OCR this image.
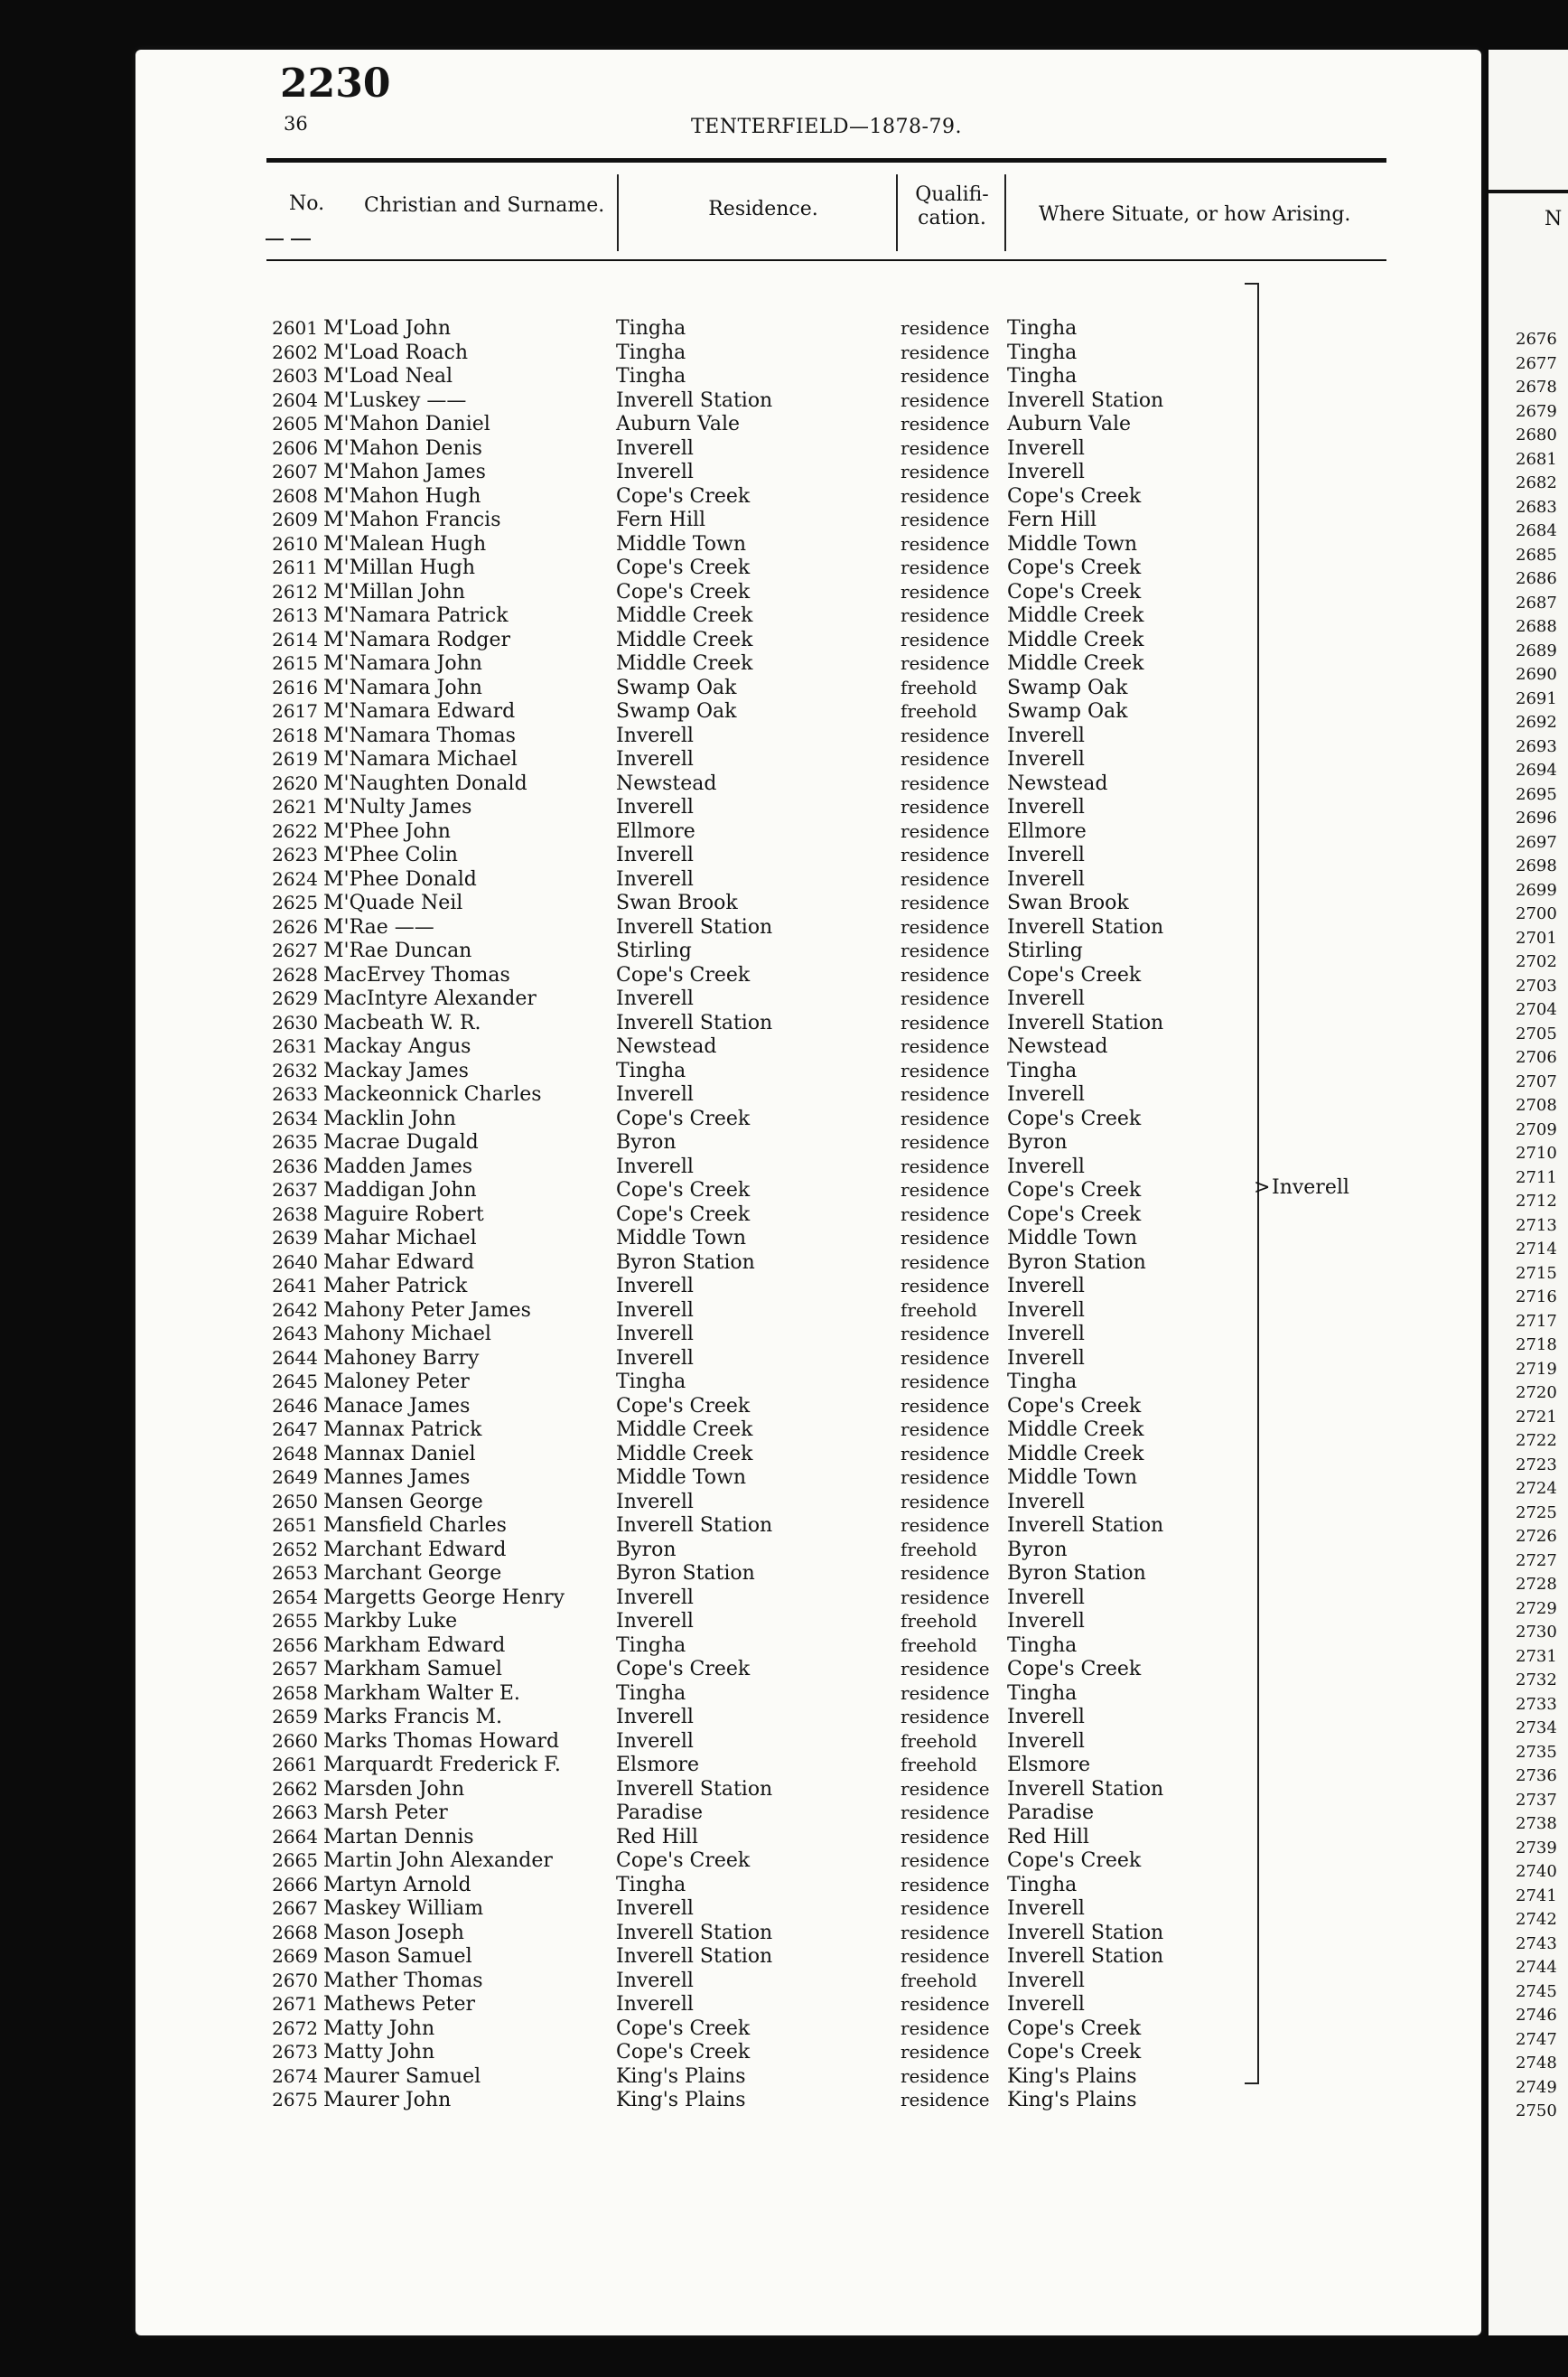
2230
36	TENTERFIELD—1878-79.
No. Christian and Surname.	Residence.
Qualifi-
cation.	Where Situate, or how Arising.
2601 M'Load John	Tingha	residence Tingha
2602 M'Load Roach	Tingha	residence Tingha
2603 M'Load Neal	Tingha	residence Tingha
2604 M'Luskey ——	Inverell Station	residence Inverell Station
2605 M'Mahon Daniel	Auburn Vale	residence Auburn Vale
2606 M'Mahon Denis	Inverell	residence Inverell
2607 M'Mahon James	Inverell	residence Inverell
2608 M'Mahon Hugh	Cope's Creek	residence Cope's Creek
2609 M'Mahon Francis	Fern Hill	residence Fern Hill
2610 M'Malean Hugh	Middle Town	residence Middle Town
2611 M'Millan Hugh	Cope's Creek	residence Cope's Creek
2612 M'Millan John	Cope's Creek	residence Cope's Creek
2613 M'Namara Patrick	Middle Creek	residence Middle Creek
2614 M'Namara Rodger	Middle Creek	residence Middle Creek
2615 M'Namara John	Middle Creek	residence Middle Creek
2616 M'Namara John	Swamp Oak	freehold Swamp Oak
2617 M'Namara Edward	Swamp Oak	freehold Swamp Oak
2618 M'Namara Thomas	Inverell	residence Inverell
2619 M'Namara Michael	Inverell	residence Inverell
2620 M'Naughten Donald	Newstead	residence Newstead
2621 M'Nulty James	Inverell	residence Inverell
2622 M'Phee John	Ellmore	residence Ellmore
2623 M'Phee Colin	Inverell	residence Inverell
2624 M'Phee Donald	Inverell	residence Inverell
2625 M'Quade Neil	Swan Brook	residence Swan Brook
2626 M'Rae ——	Inverell Station	residence Inverell Station
2627 M'Rae Duncan	Stirling	residence Stirling
2628 MacErvey Thomas	Cope's Creek	residence Cope's Creek
2629 MacIntyre Alexander	Inverell	residence Inverell
2630 Macbeath W. R.	Inverell Station	residence Inverell Station
2631 Mackay Angus	Newstead	residence Newstead
2632 Mackay James	Tingha	residence Tingha
2633 Mackeonnick Charles	Inverell	residence Inverell
2634 Macklin John	Cope's Creek	residence Cope's Creek
2635 Macrae Dugald	Byron	residence Byron
2636 Madden James	Inverell	residence Inverell
2637 Maddigan John	Cope's Creek	residence Cope's Creek
2638 Maguire Robert	Cope's Creek	residence Cope's Creek
2639 Mahar Michael	Middle Town	residence Middle Town
2640 Mahar Edward	Byron Station	residence Byron Station
2641 Maher Patrick	Inverell	residence Inverell
2642 Mahony Peter James	Inverell	freehold Inverell
2643 Mahony Michael	Inverell	residence Inverell
2644 Mahoney Barry	Inverell	residence Inverell
2645 Maloney Peter	Tingha	residence Tingha
2646 Manace James	Cope's Creek	residence Cope's Creek
2647 Mannax Patrick	Middle Creek	residence Middle Creek
2648 Mannax Daniel	Middle Creek	residence Middle Creek
2649 Mannes James	Middle Town	residence Middle Town
2650 Mansen George	Inverell	residence Inverell
2651 Mansfield Charles	Inverell Station	residence Inverell Station
2652 Marchant Edward	Byron	freehold Byron
2653 Marchant George	Byron Station	residence Byron Station
2654 Margetts George Henry	Inverell	residence Inverell
2655 Markby Luke	Inverell	freehold Inverell
2656 Markham Edward	Tingha	freehold Tingha
2657 Markham Samuel	Cope's Creek	residence Cope's Creek
2658 Markham Walter E.	Tingha	residence Tingha
2659 Marks Francis M.	Inverell	residence Inverell
2660 Marks Thomas Howard	Inverell	freehold Inverell
2661 Marquardt Frederick F.	Elsmore	freehold Elsmore
2662 Marsden John	Inverell Station	residence Inverell Station
2663 Marsh Peter	Paradise	residence Paradise
2664 Martan Dennis	Red Hill	residence Red Hill
2665 Martin John Alexander	Cope's Creek	residence Cope's Creek
2666 Martyn Arnold	Tingha	residence Tingha
2667 Maskey William	Inverell	residence Inverell
2668 Mason Joseph	Inverell Station	residence Inverell Station
2669 Mason Samuel	Inverell Station	residence Inverell Station
2670 Mather Thomas	Inverell	freehold Inverell
2671 Mathews Peter	Inverell	residence Inverell
2672 Matty John	Cope's Creek	residence Cope's Creek
2673 Matty John	Cope's Creek	residence Cope's Creek
2674 Maurer Samuel	King's Plains	residence King's Plains
2675 Maurer John	King's Plains	residence King's Plains
> Inverell
N
2676
2677
2678
2679
2680
2681
2682
2683
2684
2685
2686
2687
2688
2689
2690
2691
2692
2693
2694
2695
2696
2697
2698
2699
2700
2701
2702
2703
2704
2705
2706
2707
2708
2709
2710
2711
2712
2713
2714
2715
2716
2717
2718
2719
2720
2721
2722
2723
2724
2725
2726
2727
2728
2729
2730
2731
2732
2733
2734
2735
2736
2737
2738
2739
2740
2741
2742
2743
2744
2745
2746
2747
2748
2749
2750
